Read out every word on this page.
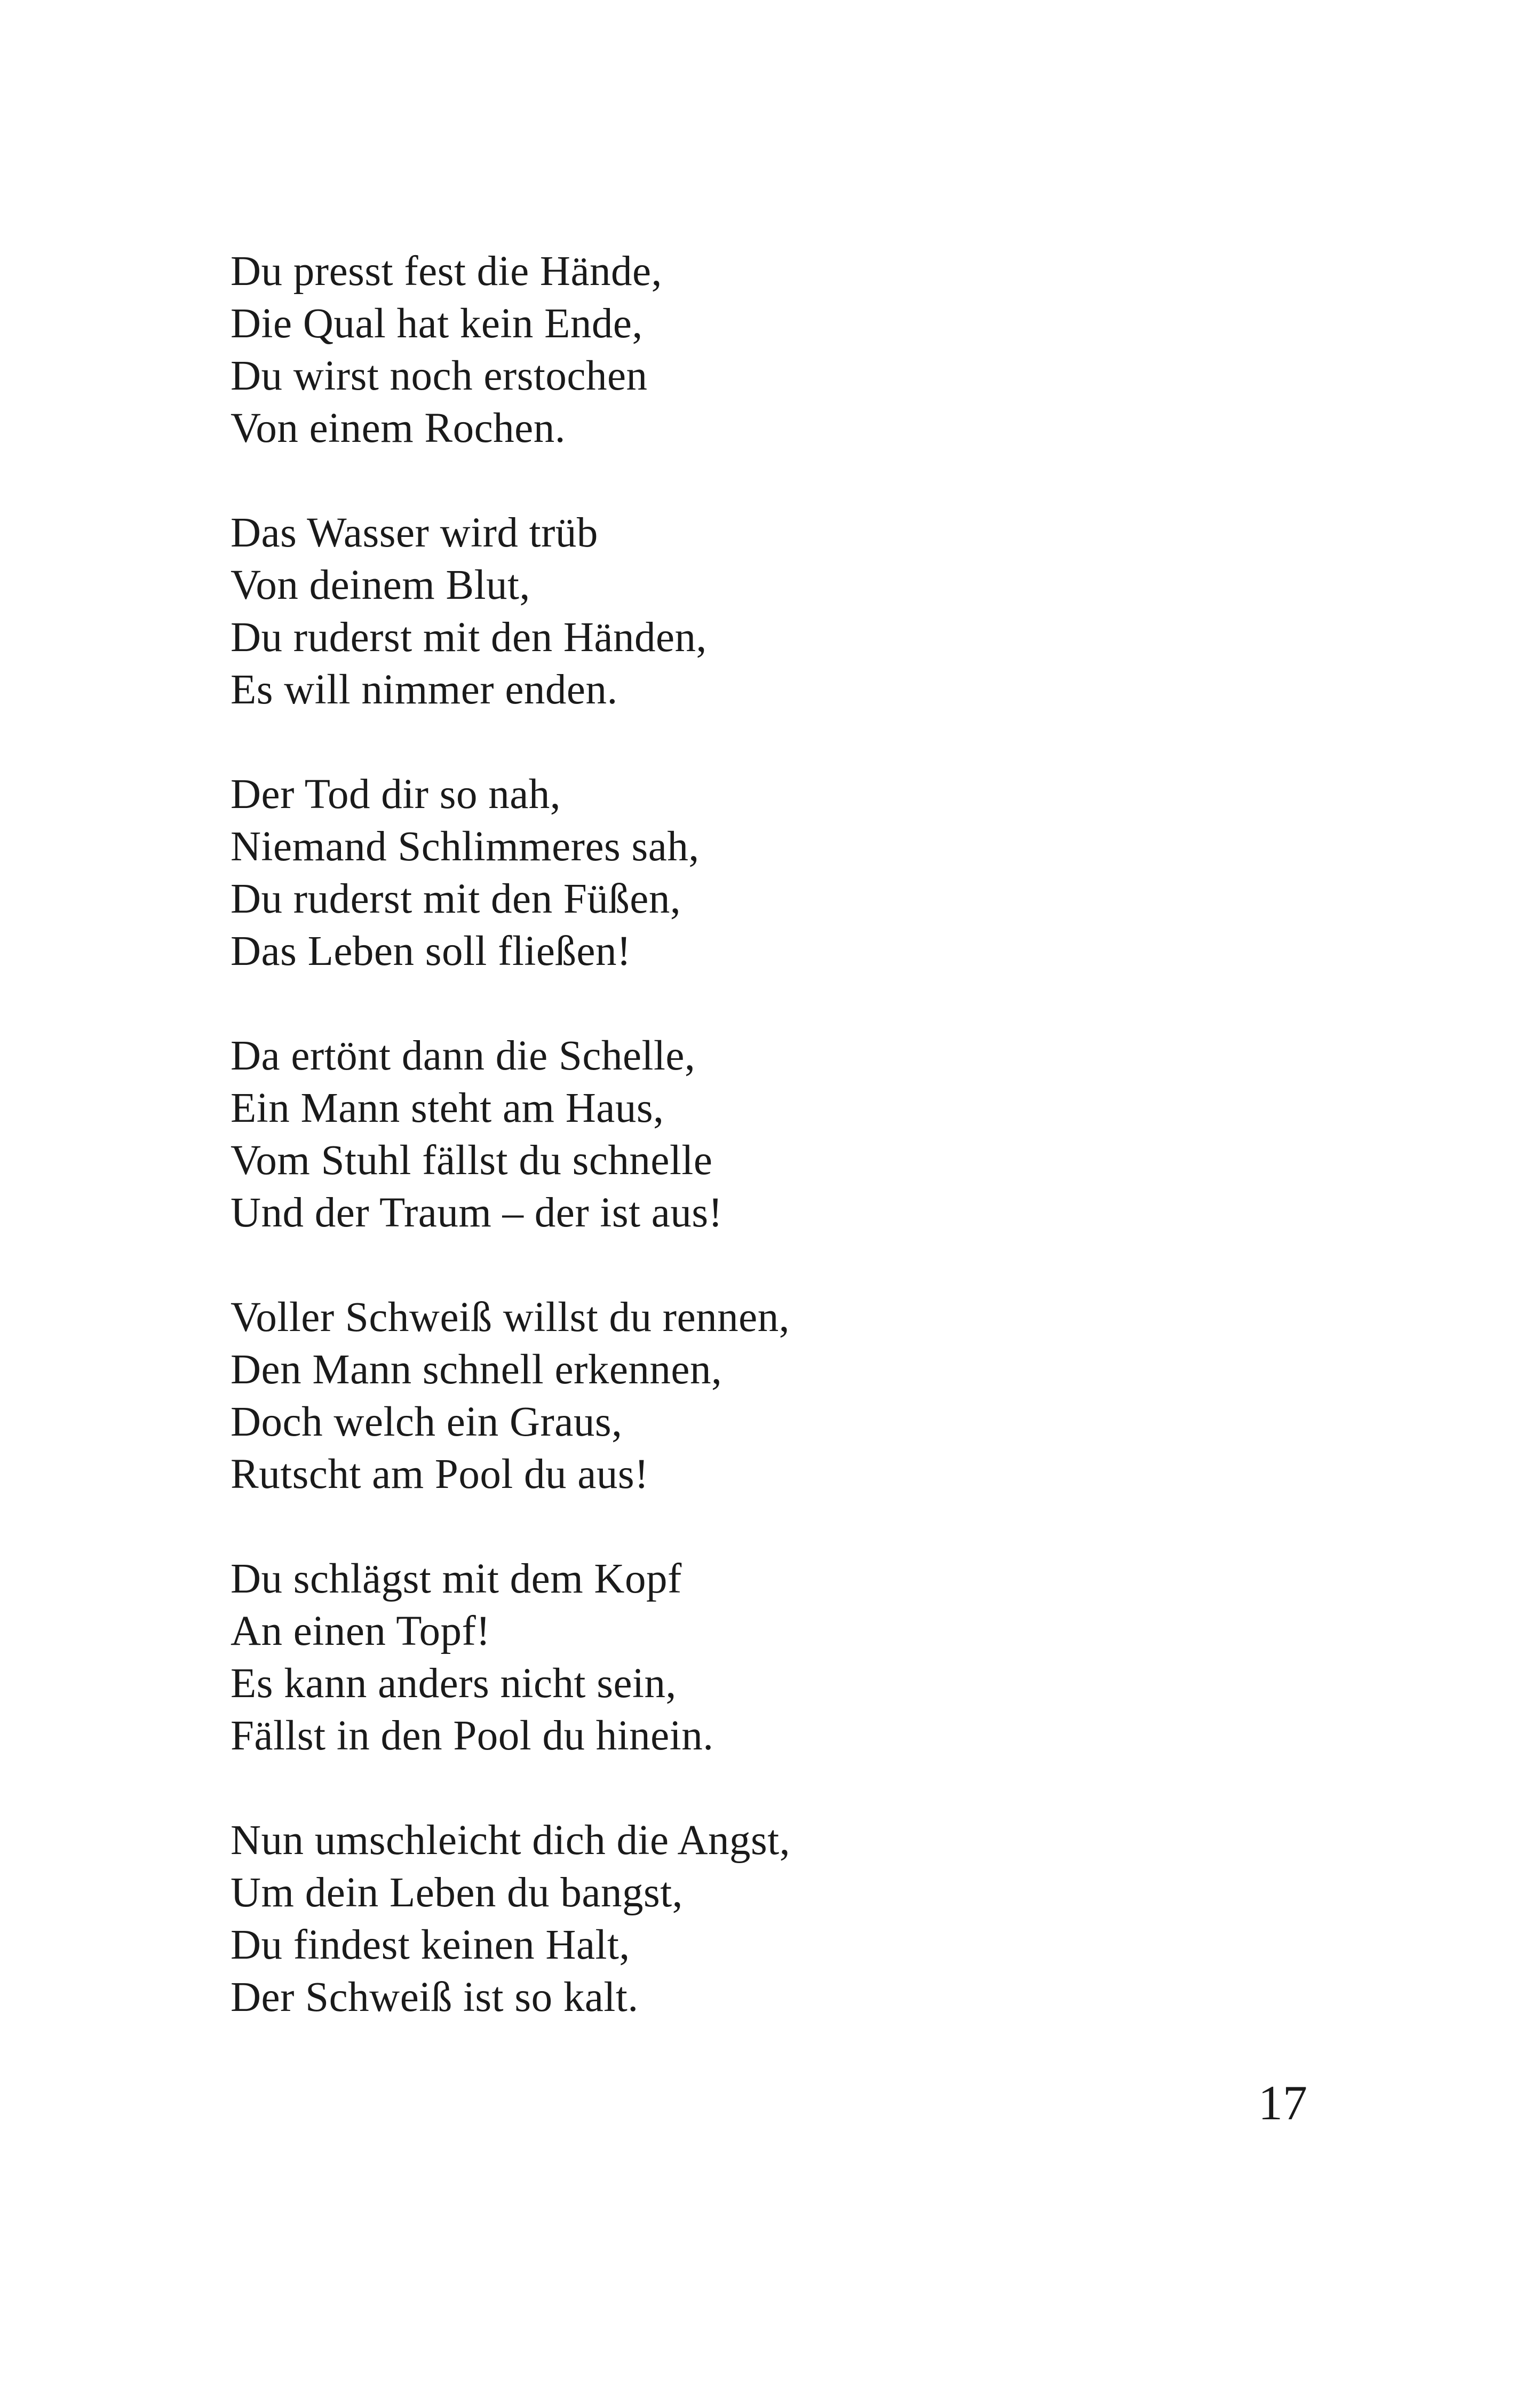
Du presst fest die Hände,
Die Qual hat kein Ende,
Du wirst noch erstochen
Von einem Rochen.
Das Wasser wird trüb
Von deinem Blut,
Du ruderst mit den Händen,
Es will nimmer enden.
Der Tod dir so nah,
Niemand Schlimmeres sah,
Du ruderst mit den Füßen,
Das Leben soll fließen!
Da ertönt dann die Schelle,
Ein Mann steht am Haus,
Vom Stuhl fällst du schnelle
Und der Traum – der ist aus!
Voller Schweiß willst du rennen,
Den Mann schnell erkennen,
Doch welch ein Graus,
Rutscht am Pool du aus!
Du schlägst mit dem Kopf
An einen Topf!
Es kann anders nicht sein,
Fällst in den Pool du hinein.
Nun umschleicht dich die Angst,
Um dein Leben du bangst,
Du findest keinen Halt,
Der Schweiß ist so kalt.
17
